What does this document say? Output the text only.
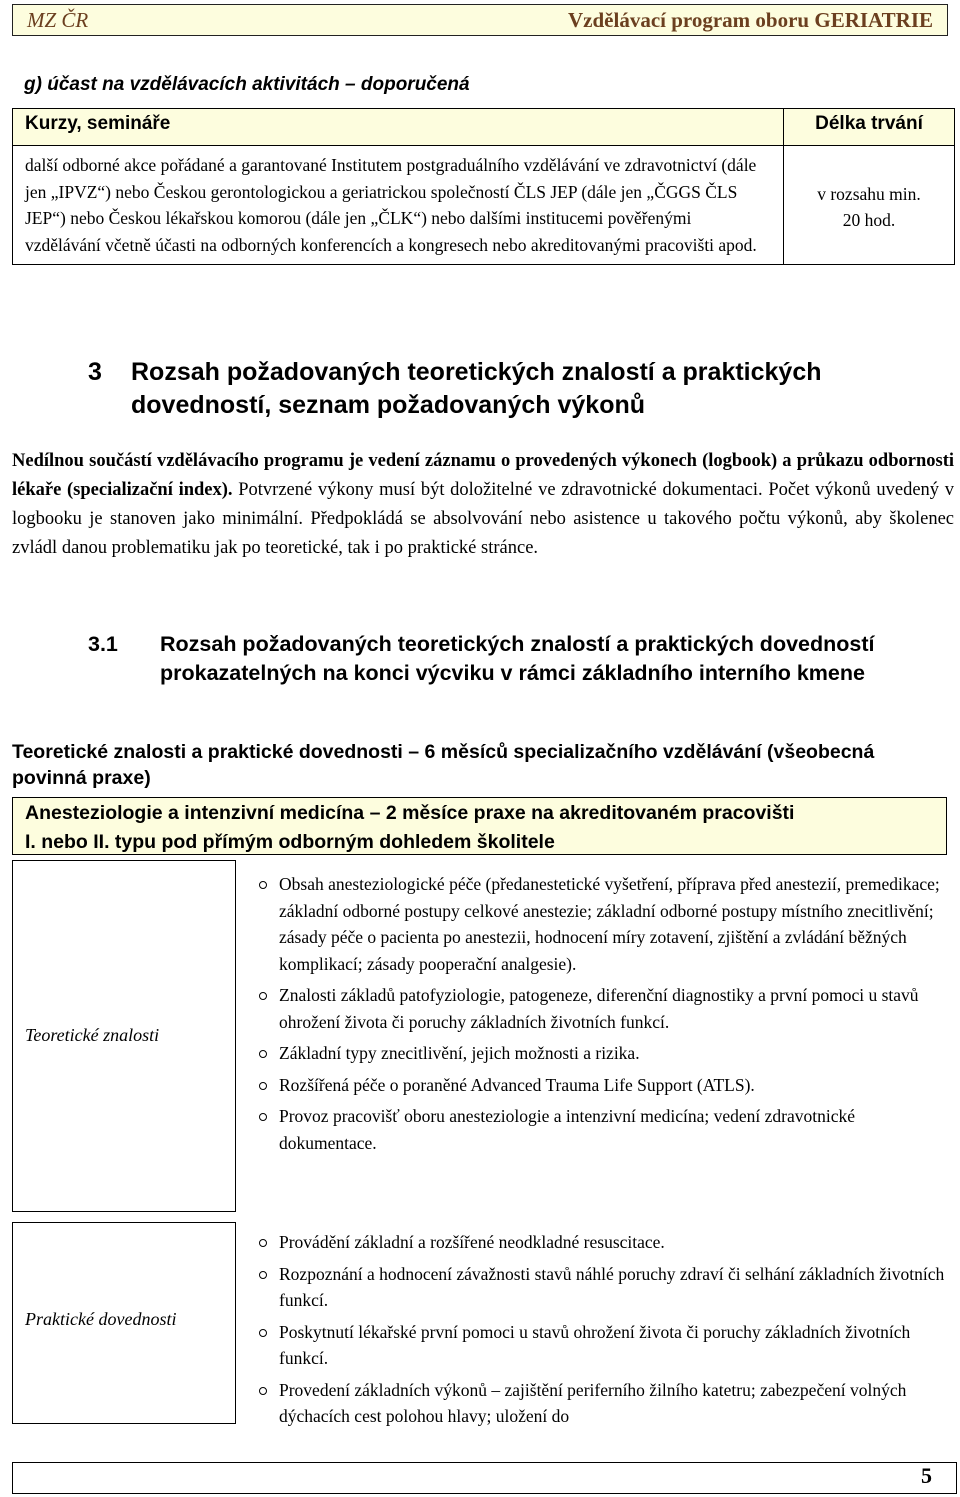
MZ ČR	Vzdělávací program oboru GERIATRIE
g) účast na vzdělávacích aktivitách – doporučená
Kurzy, semináře	Délka trvání
další odborné akce pořádané a garantované Institutem postgraduálního vzdělávání ve zdravotnictví (dále jen „IPVZ“) nebo Českou gerontologickou a geriatrickou společností ČLS JEP (dále jen „ČGGS ČLS JEP“) nebo Českou lékařskou komorou (dále jen „ČLK“) nebo dalšími institucemi pověřenými vzdělávání včetně účasti na odborných konferencích a kongresech nebo akreditovanými pracovišti apod.	v rozsahu min.
20 hod.
3 Rozsah požadovaných teoretických znalostí a praktických dovedností, seznam požadovaných výkonů
Nedílnou součástí vzdělávacího programu je vedení záznamu o provedených výkonech (logbook) a průkazu odbornosti lékaře (specializační index). Potvrzené výkony musí být doložitelné ve zdravotnické dokumentaci. Počet výkonů uvedený v logbooku je stanoven jako minimální. Předpokládá se absolvování nebo asistence u takového počtu výkonů, aby školenec zvládl danou problematiku jak po teoretické, tak i po praktické stránce.
3.1 Rozsah požadovaných teoretických znalostí a praktických dovedností prokazatelných na konci výcviku v rámci základního interního kmene
Teoretické znalosti a praktické dovednosti – 6 měsíců specializačního vzdělávání (všeobecná povinná praxe)
Anesteziologie a intenzivní medicína – 2 měsíce praxe na akreditovaném pracovišti
I. nebo II. typu pod přímým odborným dohledem školitele
Teoretické znalosti
Obsah anesteziologické péče (předanestetické vyšetření, příprava před anestezií, premedikace; základní odborné postupy celkové anestezie; základní odborné postupy místního znecitlivění; zásady péče o pacienta po anestezii, hodnocení míry zotavení, zjištění a zvládání běžných komplikací; zásady pooperační analgesie).
Znalosti základů patofyziologie, patogeneze, diferenční diagnostiky a první pomoci u stavů ohrožení života či poruchy základních životních funkcí.
Základní typy znecitlivění, jejich možnosti a rizika.
Rozšířená péče o poraněné Advanced Trauma Life Support (ATLS).
Provoz pracovišť oboru anesteziologie a intenzivní medicína; vedení zdravotnické dokumentace.
Praktické dovednosti
Provádění základní a rozšířené neodkladné resuscitace.
Rozpoznání a hodnocení závažnosti stavů náhlé poruchy zdraví či selhání základních životních funkcí.
Poskytnutí lékařské první pomoci u stavů ohrožení života či poruchy základních životních funkcí.
Provedení základních výkonů – zajištění periferního žilního katetru; zabezpečení volných dýchacích cest polohou hlavy; uložení do
5
